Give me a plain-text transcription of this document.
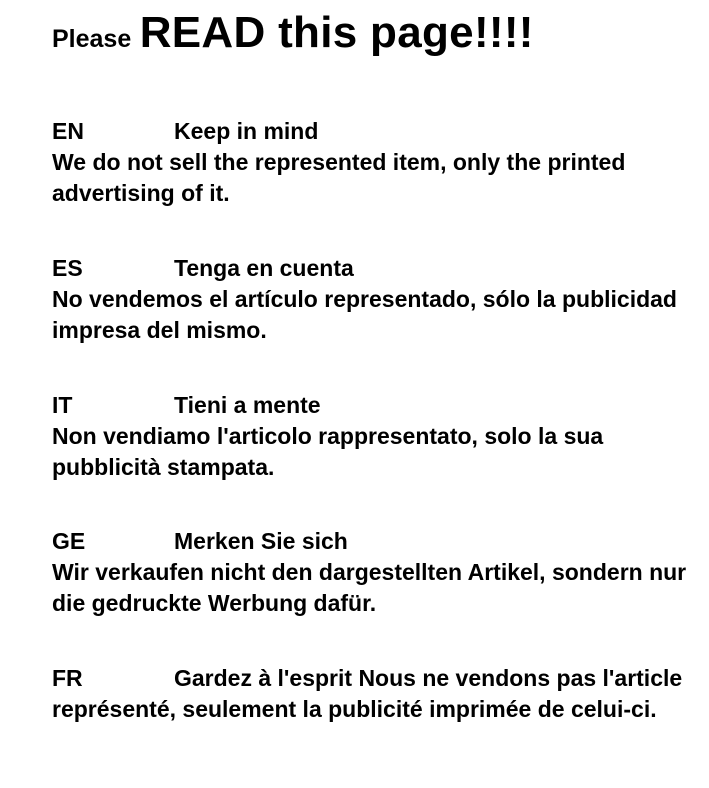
Please READ this page!!!!
EN	Keep in mind
We do not sell the represented item, only the printed advertising of it.
ES	Tenga en cuenta
No vendemos el artículo representado, sólo la publicidad impresa del mismo.
IT	Tieni a mente
Non vendiamo l'articolo rappresentato, solo la sua pubblicità stampata.
GE	Merken Sie sich
Wir verkaufen nicht den dargestellten Artikel, sondern nur die gedruckte Werbung dafür.
FR	Gardez à l'esprit Nous ne vendons pas l'article représenté, seulement la publicité imprimée de celui-ci.
